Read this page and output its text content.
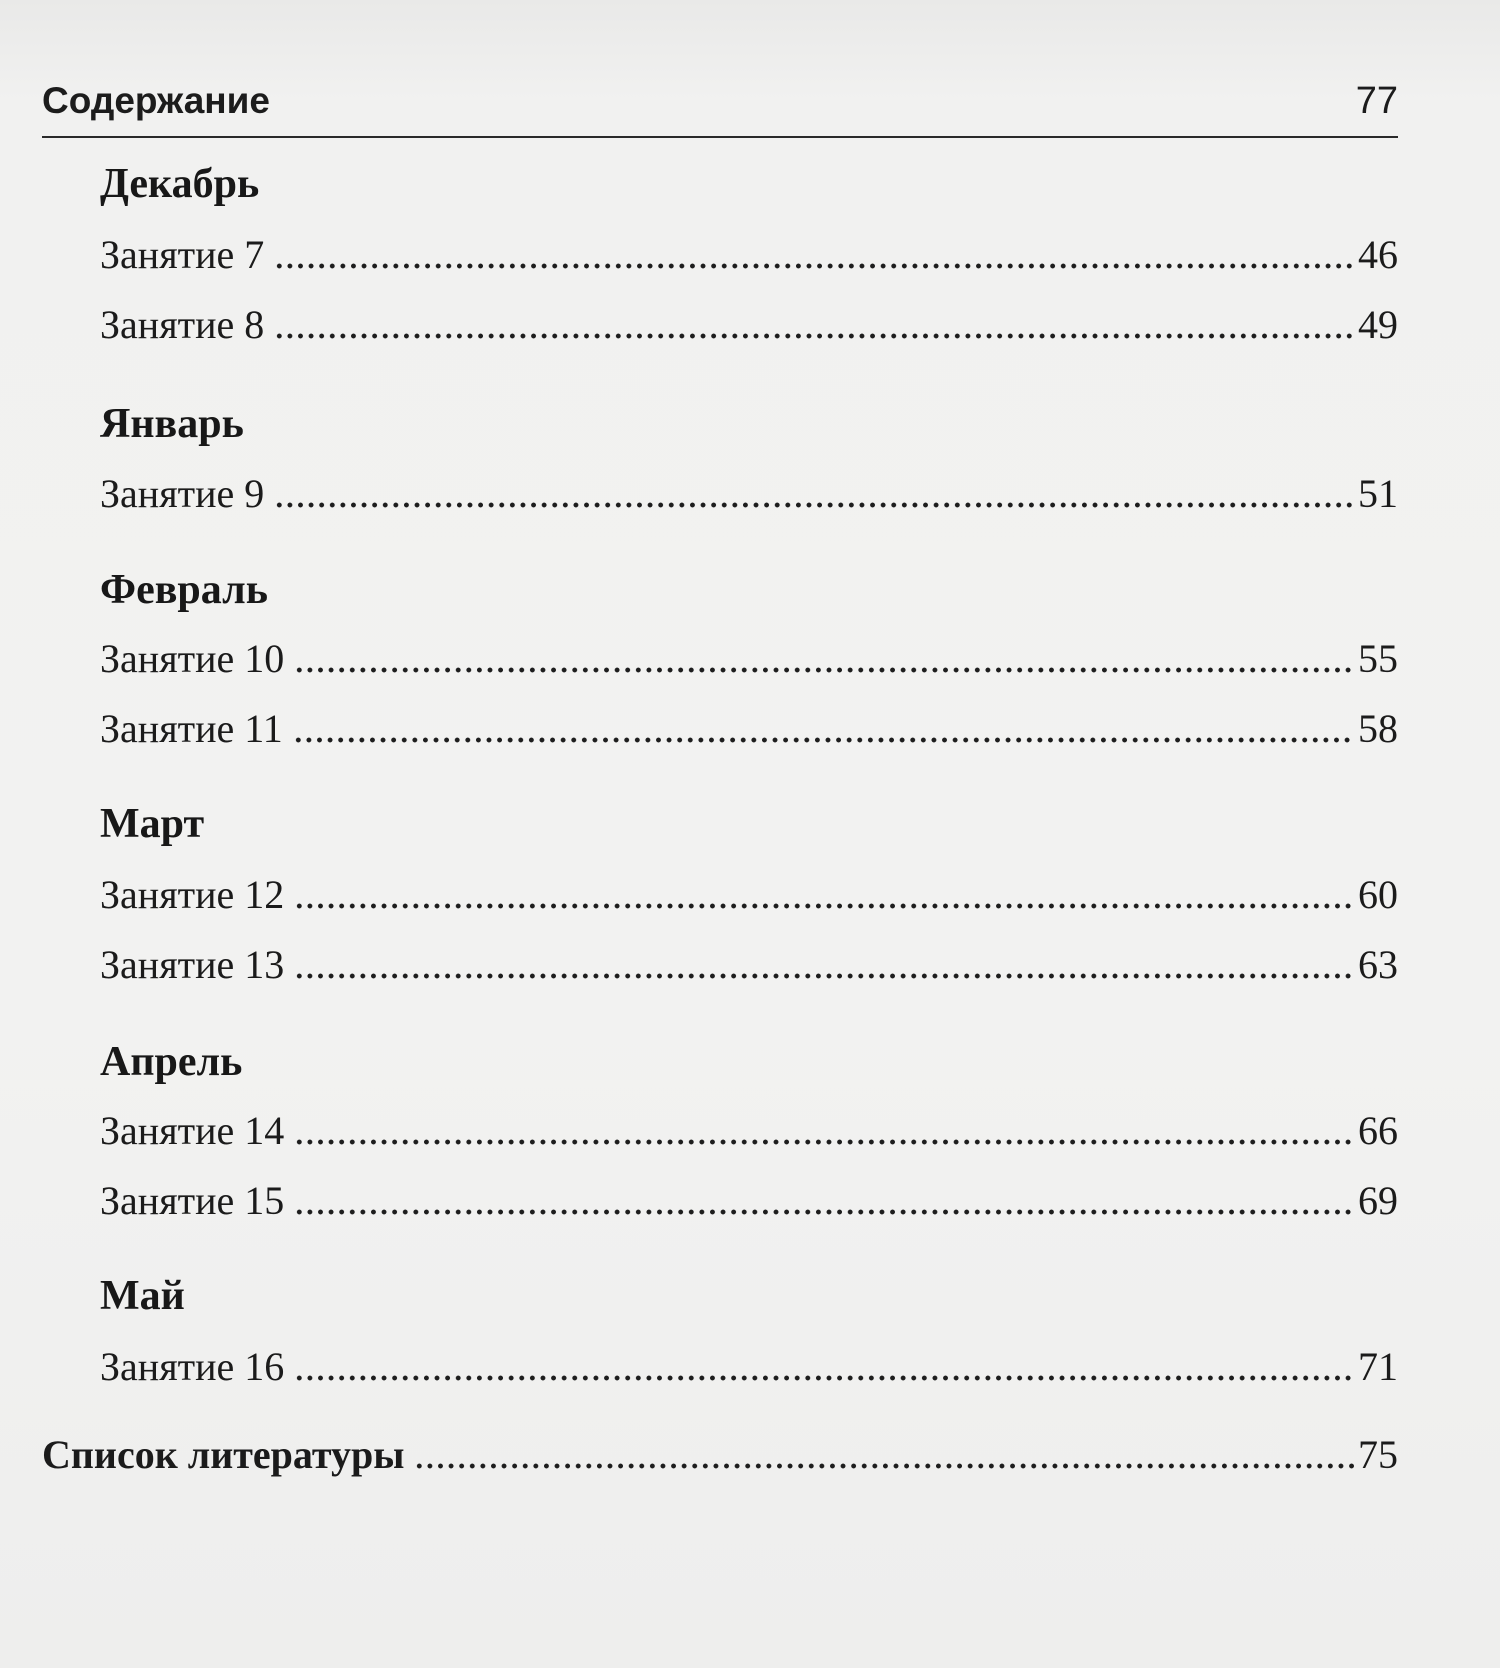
Содержание	77
Декабрь
Занятие 7	46
Занятие 8	49
Январь
Занятие 9	51
Февраль
Занятие 10	55
Занятие 11	58
Март
Занятие 12	60
Занятие 13	63
Апрель
Занятие 14	66
Занятие 15	69
Май
Занятие 16	71
Список литературы	75
